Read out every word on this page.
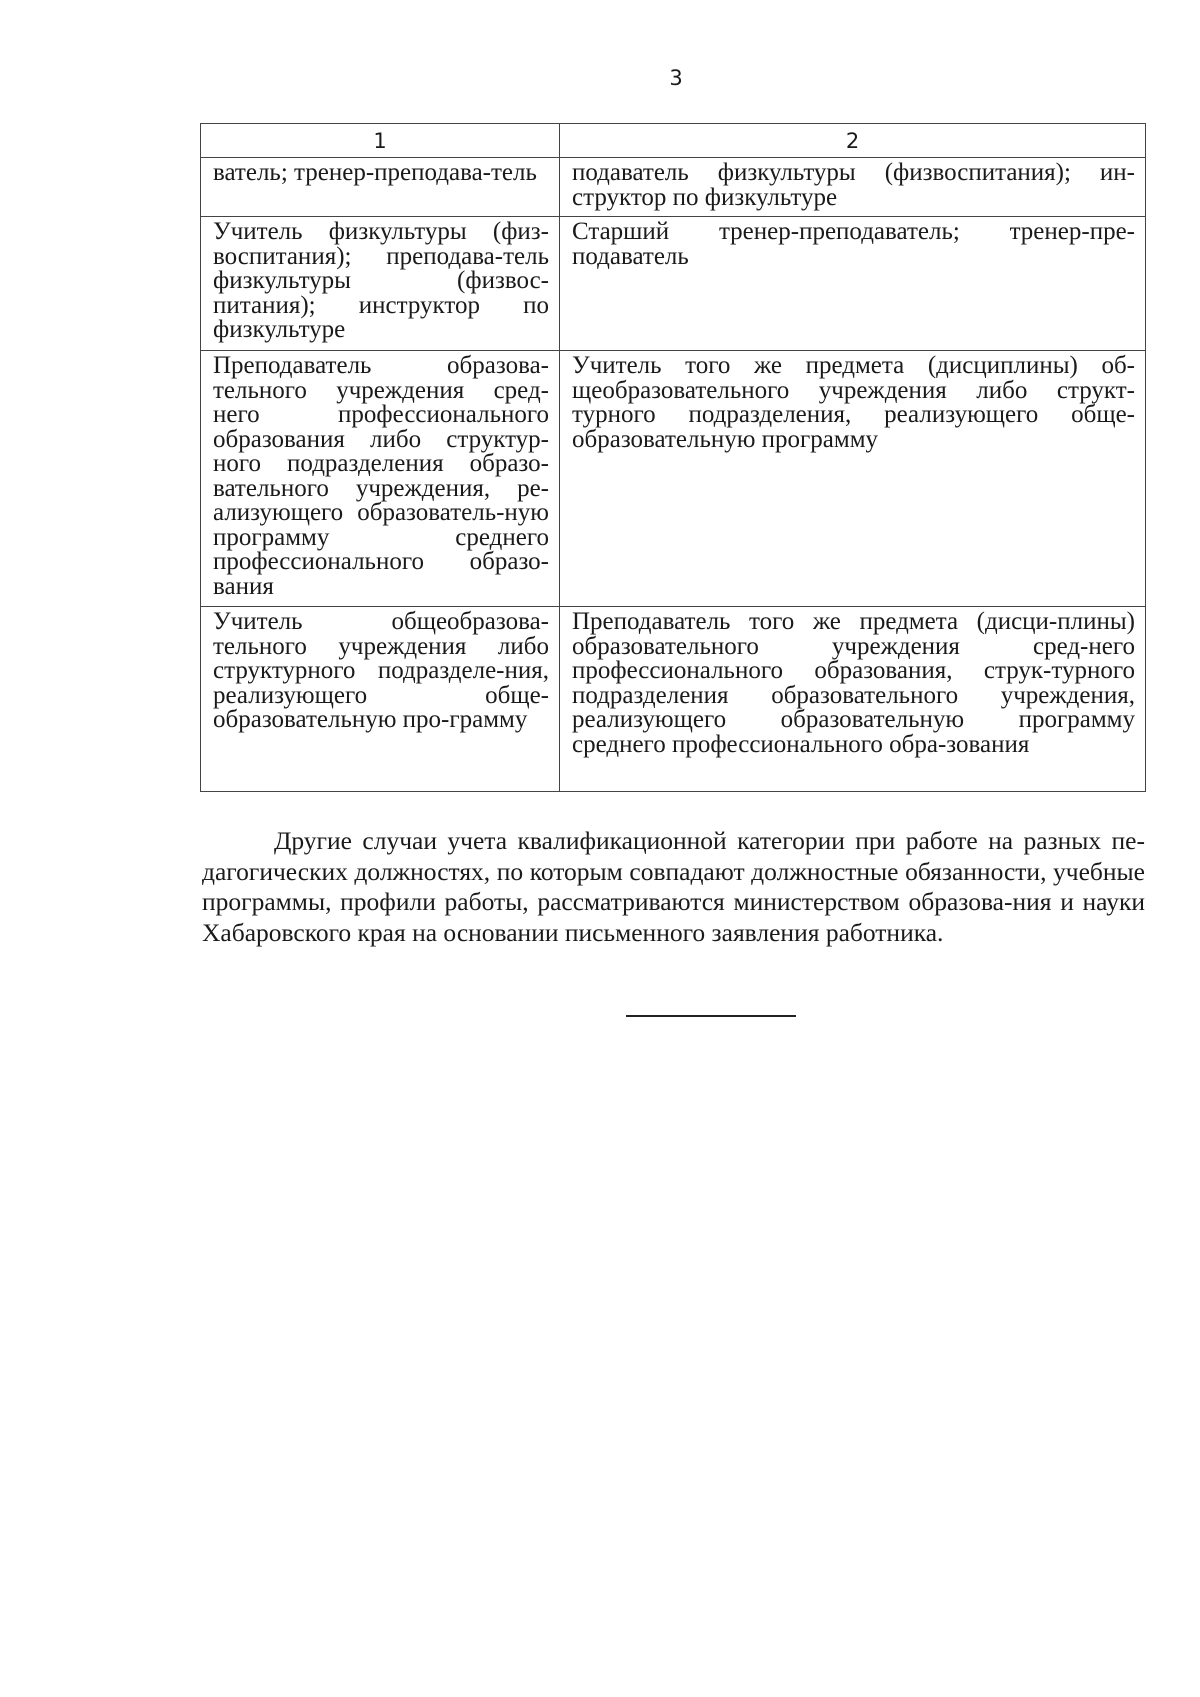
3
1	2
ватель; тренер-преподава-тель	подаватель физкультуры (физвоспитания); ин-структор по физкультуре
Учитель физкультуры (физ-воспитания); преподава-тель физкультуры (физвос-питания); инструктор по физкультуре	Старший тренер-преподаватель; тренер-пре-подаватель
Преподаватель образова-тельного учреждения сред-него профессионального образования либо структур-ного подразделения образо-вательного учреждения, ре-ализующего образователь-ную программу среднего профессионального образо-вания	Учитель того же предмета (дисциплины) об-щеобразовательного учреждения либо структ-турного подразделения, реализующего обще-образовательную программу
Учитель общеобразова-тельного учреждения либо структурного подразделе-ния, реализующего обще-образовательную про-грамму	Преподаватель того же предмета (дисци-плины) образовательного учреждения сред-него профессионального образования, струк-турного подразделения образовательного учреждения, реализующего образовательную программу среднего профессионального обра-зования

Другие случаи учета квалификационной категории при работе на разных пе-дагогических должностях, по которым совпадают должностные обязанности, учебные программы, профили работы, рассматриваются министерством образова-ния и науки Хабаровского края на основании письменного заявления работника.
